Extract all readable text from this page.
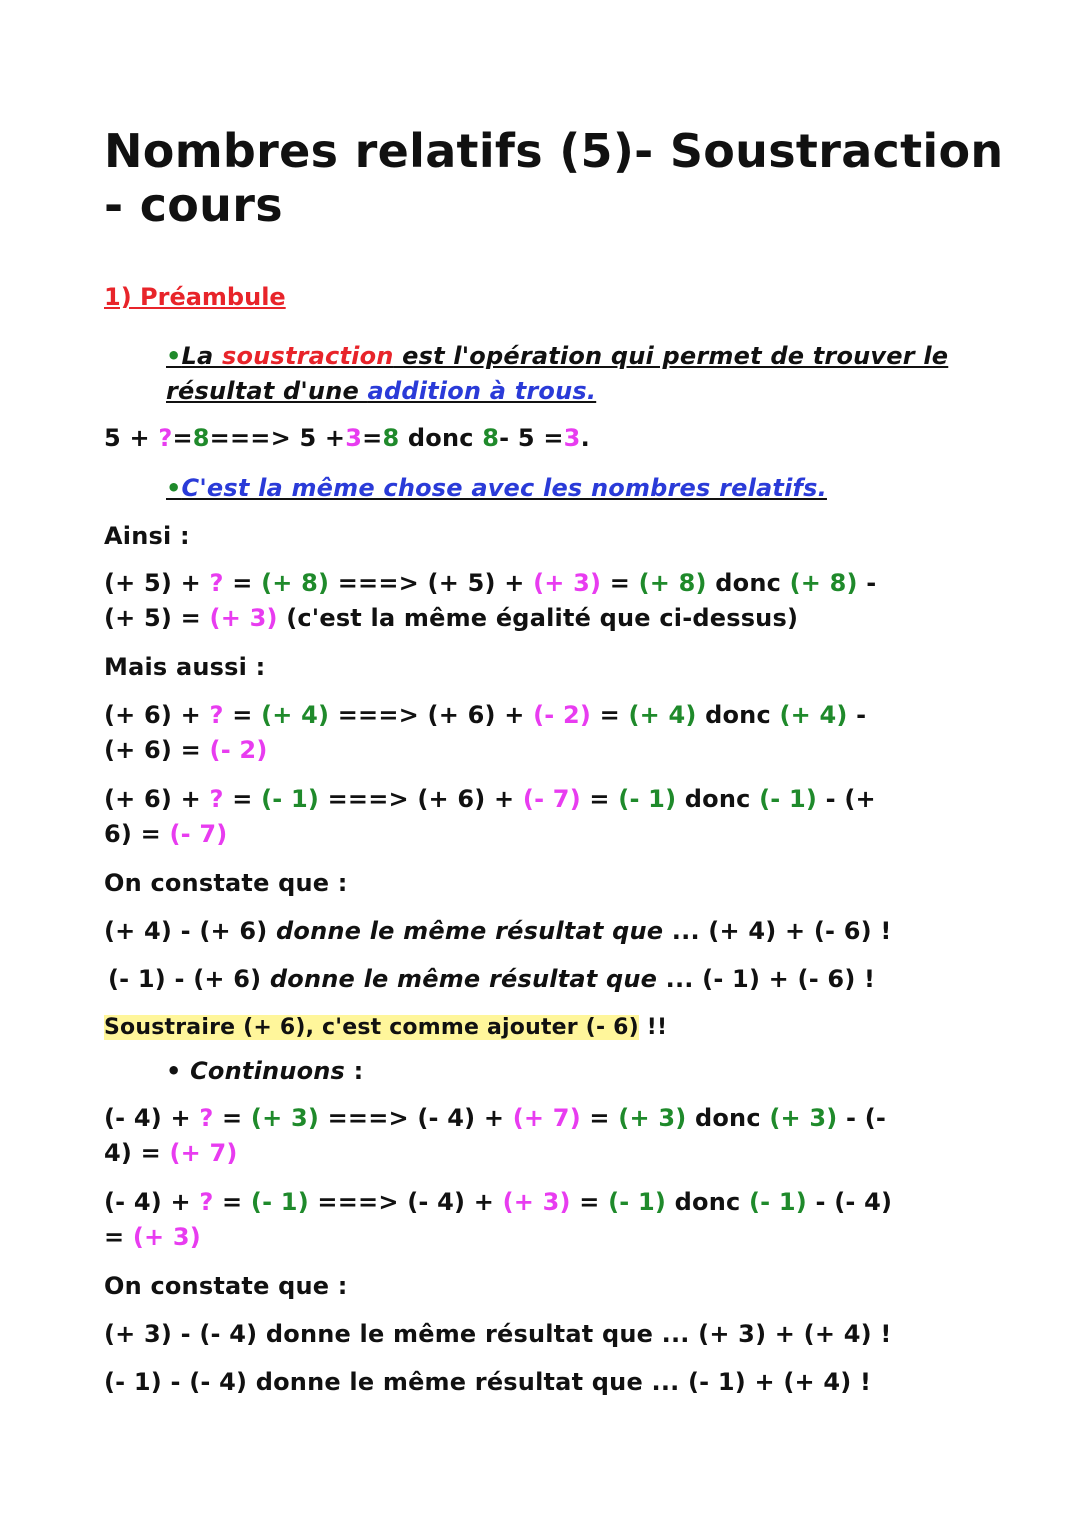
Nombres relatifs (5)- Soustraction
- cours
1) Préambule
•La soustraction est l'opération qui permet de trouver le
résultat d'une addition à trous.
5 + ?=8===> 5 +3=8 donc 8- 5 =3.
•C'est la même chose avec les nombres relatifs.
Ainsi :
(+ 5) + ? = (+ 8) ===> (+ 5) + (+ 3) = (+ 8) donc (+ 8) -
(+ 5) = (+ 3) (c'est la même égalité que ci-dessus)
Mais aussi :
(+ 6) + ? = (+ 4) ===> (+ 6) + (- 2) = (+ 4) donc (+ 4) -
(+ 6) = (- 2)
(+ 6) + ? = (- 1) ===> (+ 6) + (- 7) = (- 1) donc (- 1) - (+
6) = (- 7)
On constate que :
(+ 4) - (+ 6) donne le même résultat que ... (+ 4) + (- 6) !
(- 1) - (+ 6) donne le même résultat que ... (- 1) + (- 6) !
Soustraire (+ 6), c'est comme ajouter (- 6) !!
• Continuons :
(- 4) + ? = (+ 3) ===> (- 4) + (+ 7) = (+ 3) donc (+ 3) - (-
4) = (+ 7)
(- 4) + ? = (- 1) ===> (- 4) + (+ 3) = (- 1) donc (- 1) - (- 4)
= (+ 3)
On constate que :
(+ 3) - (- 4) donne le même résultat que ... (+ 3) + (+ 4) !
(- 1) - (- 4) donne le même résultat que ... (- 1) + (+ 4) !
